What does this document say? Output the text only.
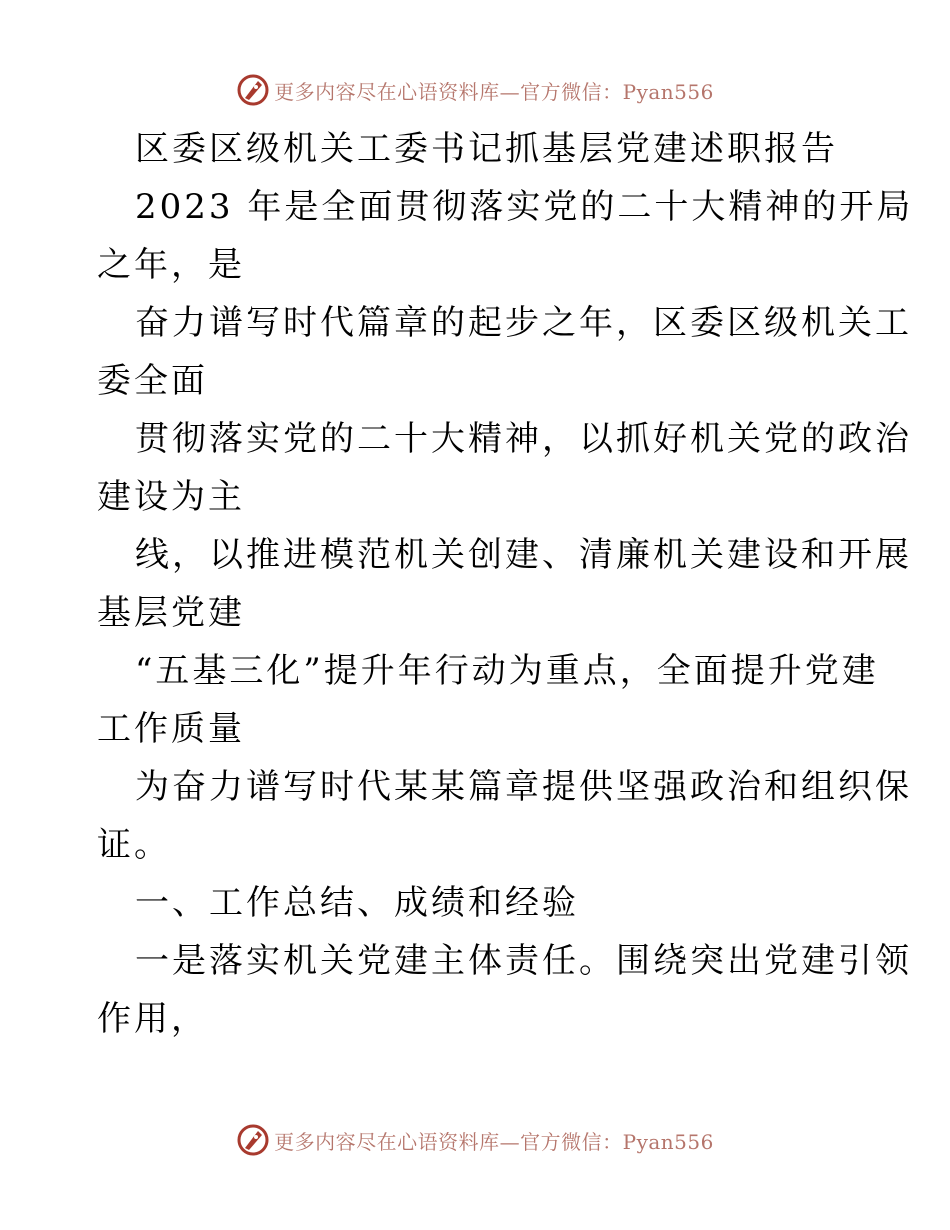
更多内容尽在心语资料库—官方微信：Pyan556

区委区级机关工委书记抓基层党建述职报告

2023 年是全面贯彻落实党的二十大精神的开局

之年，是

奋力谱写时代篇章的起步之年，区委区级机关工

委全面

贯彻落实党的二十大精神，以抓好机关党的政治

建设为主

线，以推进模范机关创建、清廉机关建设和开展

基层党建

“五基三化”提升年行动为重点，全面提升党建

工作质量

为奋力谱写时代某某篇章提供坚强政治和组织保

证。

一、工作总结、成绩和经验

一是落实机关党建主体责任。围绕突出党建引领

作用，

更多内容尽在心语资料库—官方微信：Pyan556
